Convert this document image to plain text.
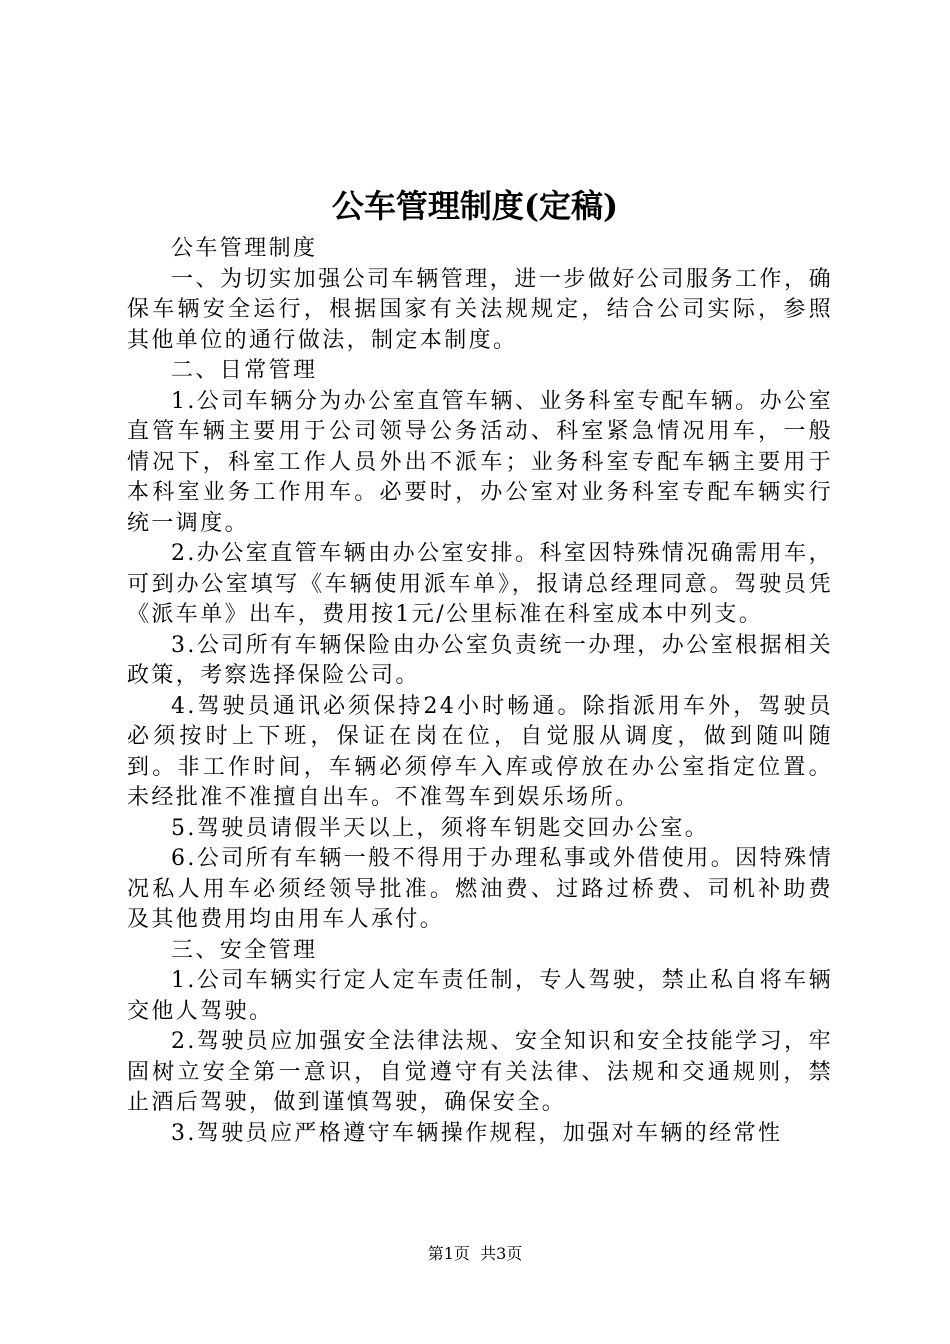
公车管理制度(定稿)

公车管理制度

一、为切实加强公司车辆管理，进一步做好公司服务工作，确保车辆安全运行，根据国家有关法规规定，结合公司实际，参照其他单位的通行做法，制定本制度。

二、日常管理

1.公司车辆分为办公室直管车辆、业务科室专配车辆。办公室直管车辆主要用于公司领导公务活动、科室紧急情况用车，一般情况下，科室工作人员外出不派车；业务科室专配车辆主要用于本科室业务工作用车。必要时，办公室对业务科室专配车辆实行统一调度。

2.办公室直管车辆由办公室安排。科室因特殊情况确需用车，可到办公室填写《车辆使用派车单》，报请总经理同意。驾驶员凭《派车单》出车，费用按1元/公里标准在科室成本中列支。

3.公司所有车辆保险由办公室负责统一办理，办公室根据相关政策，考察选择保险公司。

4.驾驶员通讯必须保持24小时畅通。除指派用车外，驾驶员必须按时上下班，保证在岗在位，自觉服从调度，做到随叫随到。非工作时间，车辆必须停车入库或停放在办公室指定位置。未经批准不准擅自出车。不准驾车到娱乐场所。

5.驾驶员请假半天以上，须将车钥匙交回办公室。

6.公司所有车辆一般不得用于办理私事或外借使用。因特殊情况私人用车必须经领导批准。燃油费、过路过桥费、司机补助费及其他费用均由用车人承付。

三、安全管理

1.公司车辆实行定人定车责任制，专人驾驶，禁止私自将车辆交他人驾驶。

2.驾驶员应加强安全法律法规、安全知识和安全技能学习，牢固树立安全第一意识，自觉遵守有关法律、法规和交通规则，禁止酒后驾驶，做到谨慎驾驶，确保安全。

3.驾驶员应严格遵守车辆操作规程，加强对车辆的经常性

第1页 共3页
